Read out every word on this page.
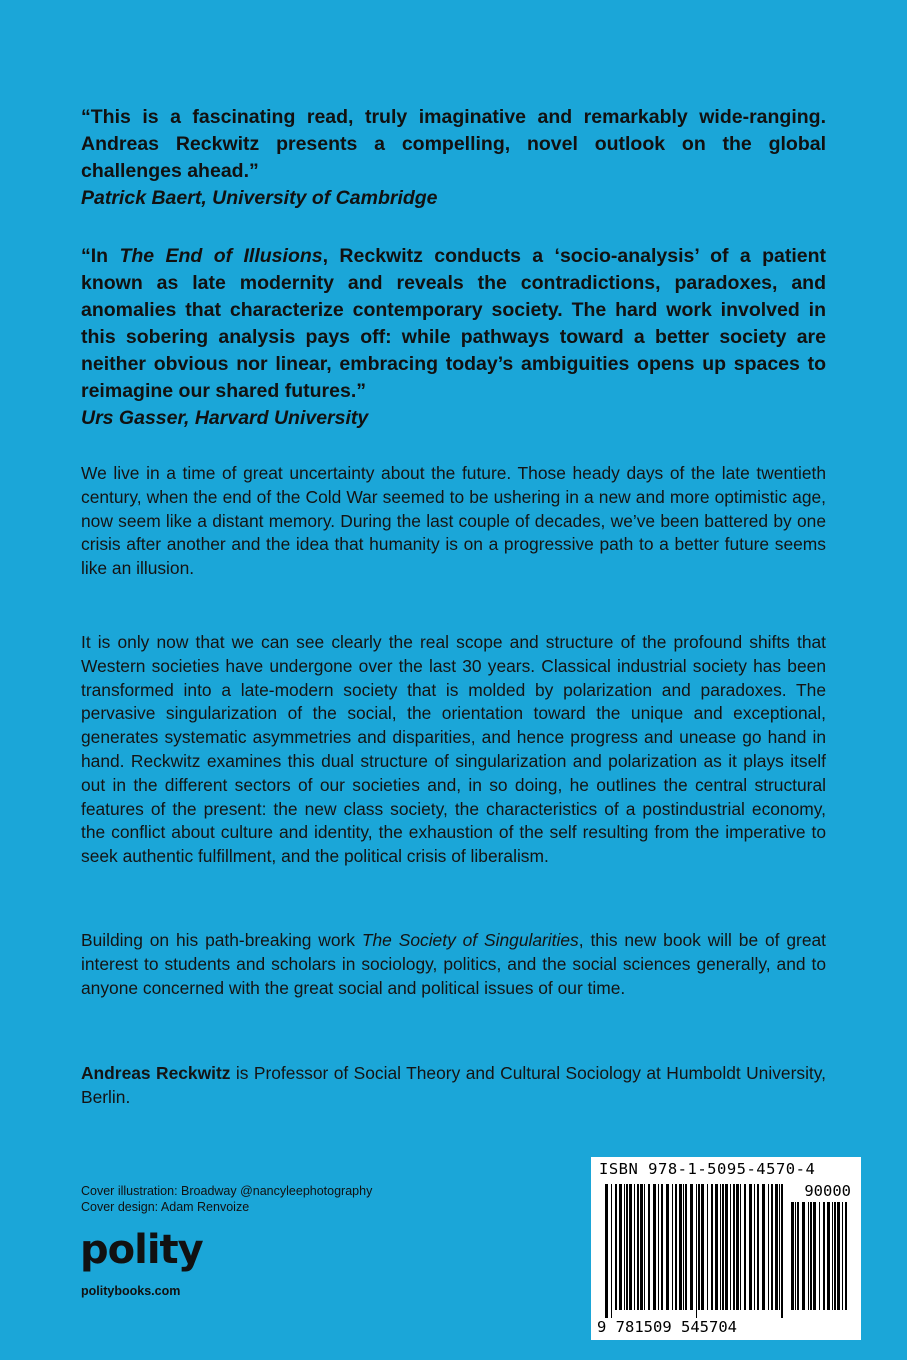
“This is a fascinating read, truly imaginative and remarkably wide-ranging. Andreas Reckwitz presents a compelling, novel outlook on the global challenges ahead.”
Patrick Baert, University of Cambridge

“In The End of Illusions, Reckwitz conducts a ‘socio-analysis’ of a patient known as late modernity and reveals the contradictions, paradoxes, and anomalies that characterize contemporary society. The hard work involved in this sobering analysis pays off: while pathways toward a better society are neither obvious nor linear, embracing today’s ambiguities opens up spaces to reimagine our shared futures.”
Urs Gasser, Harvard University

We live in a time of great uncertainty about the future. Those heady days of the late twentieth century, when the end of the Cold War seemed to be ushering in a new and more optimistic age, now seem like a distant memory. During the last couple of decades, we’ve been battered by one crisis after another and the idea that humanity is on a progressive path to a better future seems like an illusion.

It is only now that we can see clearly the real scope and structure of the profound shifts that Western societies have undergone over the last 30 years. Classical industrial society has been transformed into a late-modern society that is molded by polarization and paradoxes. The pervasive singularization of the social, the orientation toward the unique and exceptional, generates systematic asymmetries and disparities, and hence progress and unease go hand in hand. Reckwitz examines this dual structure of singularization and polarization as it plays itself out in the different sectors of our societies and, in so doing, he outlines the central structural features of the present: the new class society, the characteristics of a postindustrial economy, the conflict about culture and identity, the exhaustion of the self resulting from the imperative to seek authentic fulfillment, and the political crisis of liberalism.

Building on his path-breaking work The Society of Singularities, this new book will be of great interest to students and scholars in sociology, politics, and the social sciences generally, and to anyone concerned with the great social and political issues of our time.

Andreas Reckwitz is Professor of Social Theory and Cultural Sociology at Humboldt University, Berlin.

Cover illustration: Broadway @nancyleephotography
Cover design: Adam Renvoize
polity
politybooks.com
ISBN 978-1-5095-4570-4
90000
9 781509 545704
